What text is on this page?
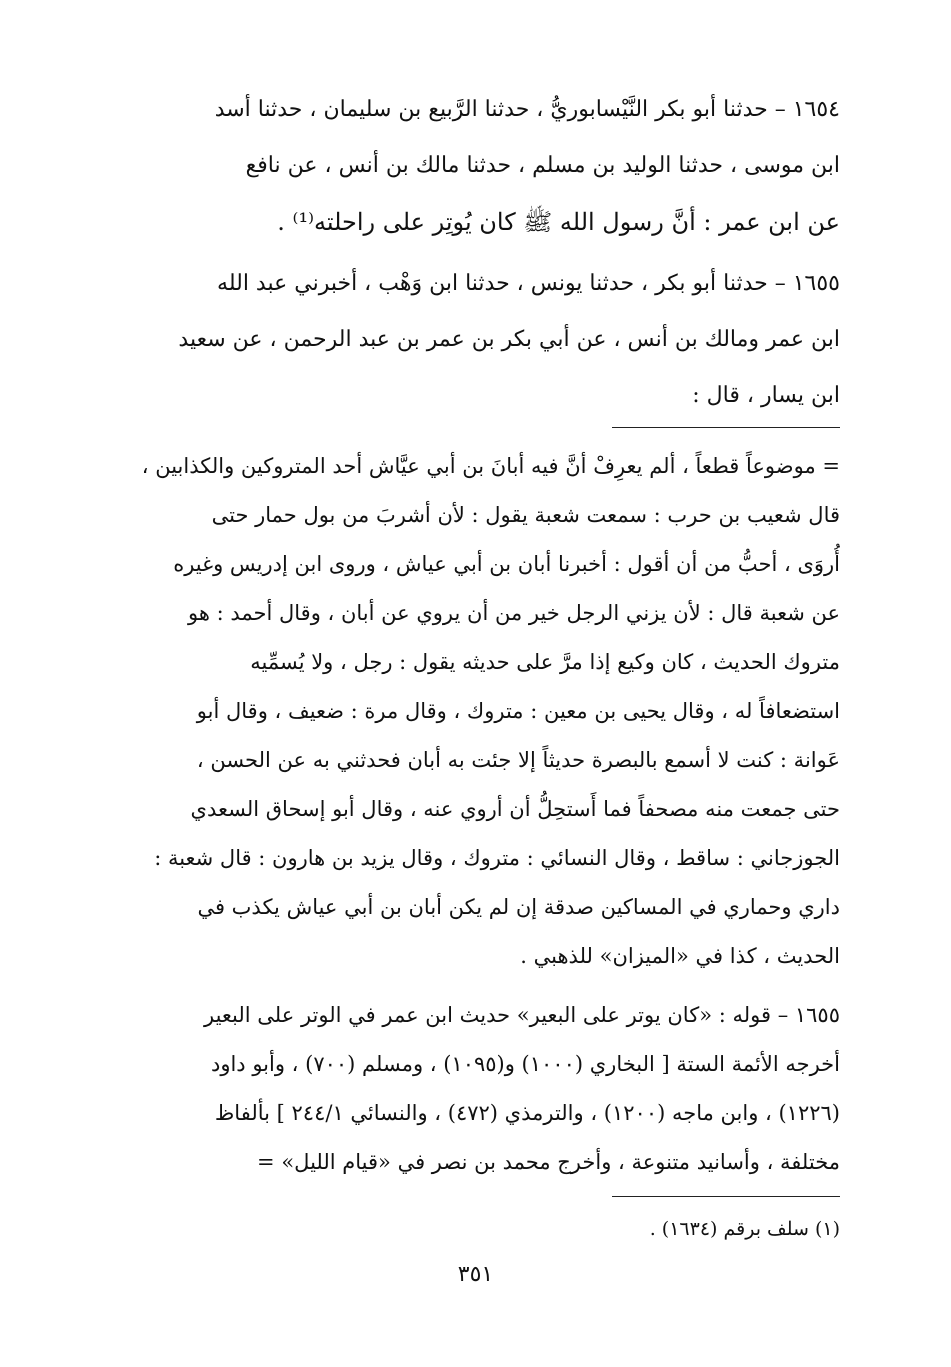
١٦٥٤ – حدثنا أبو بكر النَّيْسابوريُّ ، حدثنا الرَّبيع بن سليمان ، حدثنا أسد
ابن موسى ، حدثنا الوليد بن مسلم ، حدثنا مالك بن أنس ، عن نافع
عن ابن عمر : أنَّ رسول الله ﷺ كان يُوتِر على راحلته⁽¹⁾ .
١٦٥٥ – حدثنا أبو بكر ، حدثنا يونس ، حدثنا ابن وَهْب ، أخبرني عبد الله
ابن عمر ومالك بن أنس ، عن أبي بكر بن عمر بن عبد الرحمن ، عن سعيد
ابن يسار ، قال :
= موضوعاً قطعاً ، ألم يعرِفْ أنَّ فيه أبانَ بن أبي عيَّاش أحد المتروكين والكذابين ،
قال شعيب بن حرب : سمعت شعبة يقول : لأن أشربَ من بول حمار حتى
أُروَى ، أحبُّ من أن أقول : أخبرنا أبان بن أبي عياش ، وروى ابن إدريس وغيره
عن شعبة قال : لأن يزني الرجل خير من أن يروي عن أبان ، وقال أحمد : هو
متروك الحديث ، كان وكيع إذا مرَّ على حديثه يقول : رجل ، ولا يُسمِّيه
استضعافاً له ، وقال يحيى بن معين : متروك ، وقال مرة : ضعيف ، وقال أبو
عَوانة : كنت لا أسمع بالبصرة حديثاً إلا جئت به أبان فحدثني به عن الحسن ،
حتى جمعت منه مصحفاً فما أَستحِلُّ أن أروي عنه ، وقال أبو إسحاق السعدي
الجوزجاني : ساقط ، وقال النسائي : متروك ، وقال يزيد بن هارون : قال شعبة :
داري وحماري في المساكين صدقة إن لم يكن أبان بن أبي عياش يكذب في
الحديث ، كذا في «الميزان» للذهبي .
١٦٥٥ – قوله : «كان يوتر على البعير» حديث ابن عمر في الوتر على البعير
أخرجه الأئمة الستة [ البخاري (١٠٠٠) و(١٠٩٥) ، ومسلم (٧٠٠) ، وأبو داود
(١٢٢٦) ، وابن ماجه (١٢٠٠) ، والترمذي (٤٧٢) ، والنسائي ٢٤٤/١ ] بألفاظ
مختلفة ، وأسانيد متنوعة ، وأخرج محمد بن نصر في «قيام الليل» =
(١) سلف برقم (١٦٣٤) .
٣٥١
